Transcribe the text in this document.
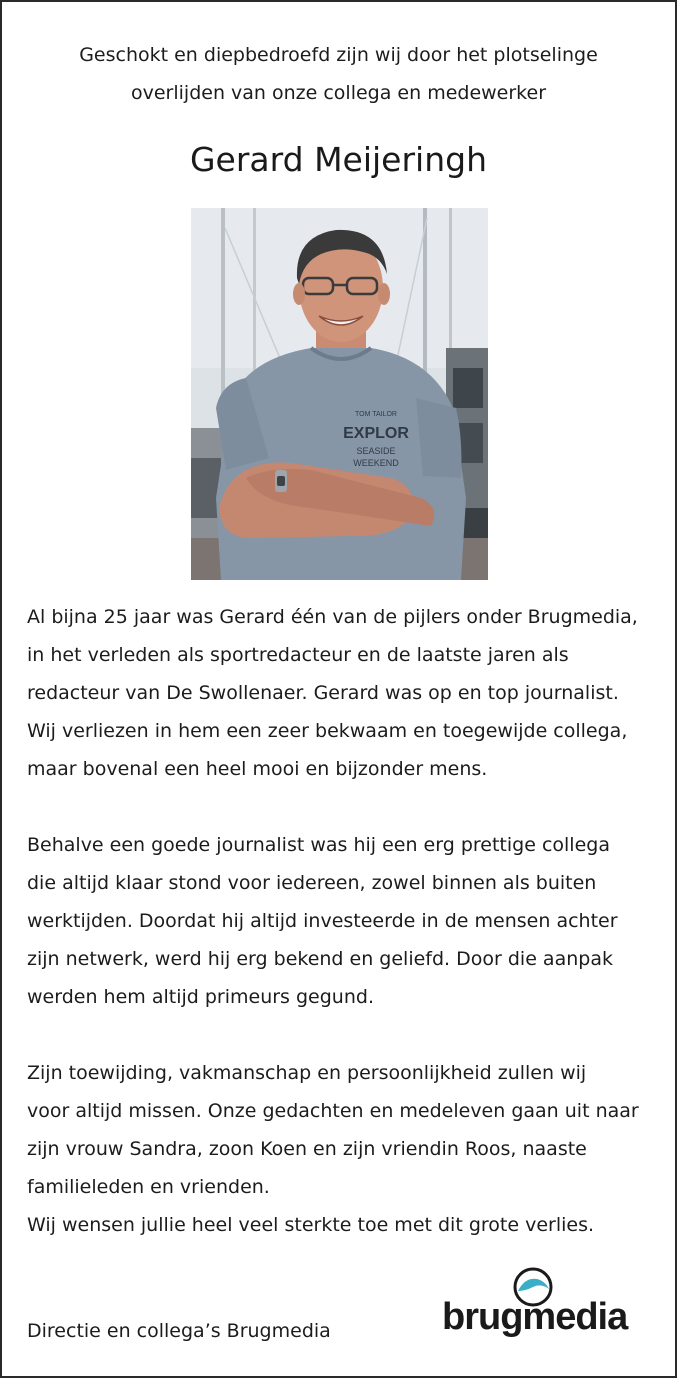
Geschokt en diepbedroefd zijn wij door het plotselinge
overlijden van onze collega en medewerker
Gerard Meijeringh
TOM TAILOR
EXPLOR
SEASIDE
WEEKEND
Al bijna 25 jaar was Gerard één van de pijlers onder Brugmedia,
in het verleden als sportredacteur en de laatste jaren als
redacteur van De Swollenaer. Gerard was op en top journalist.
Wij verliezen in hem een zeer bekwaam en toegewijde collega,
maar bovenal een heel mooi en bijzonder mens.
Behalve een goede journalist was hij een erg prettige collega
die altijd klaar stond voor iedereen, zowel binnen als buiten
werktijden. Doordat hij altijd investeerde in de mensen achter
zijn netwerk, werd hij erg bekend en geliefd. Door die aanpak
werden hem altijd primeurs gegund.
Zijn toewijding, vakmanschap en persoonlijkheid zullen wij
voor altijd missen. Onze gedachten en medeleven gaan uit naar
zijn vrouw Sandra, zoon Koen en zijn vriendin Roos, naaste
familieleden en vrienden.
Wij wensen jullie heel veel sterkte toe met dit grote verlies.
Directie en collega’s Brugmedia	brugmedia
